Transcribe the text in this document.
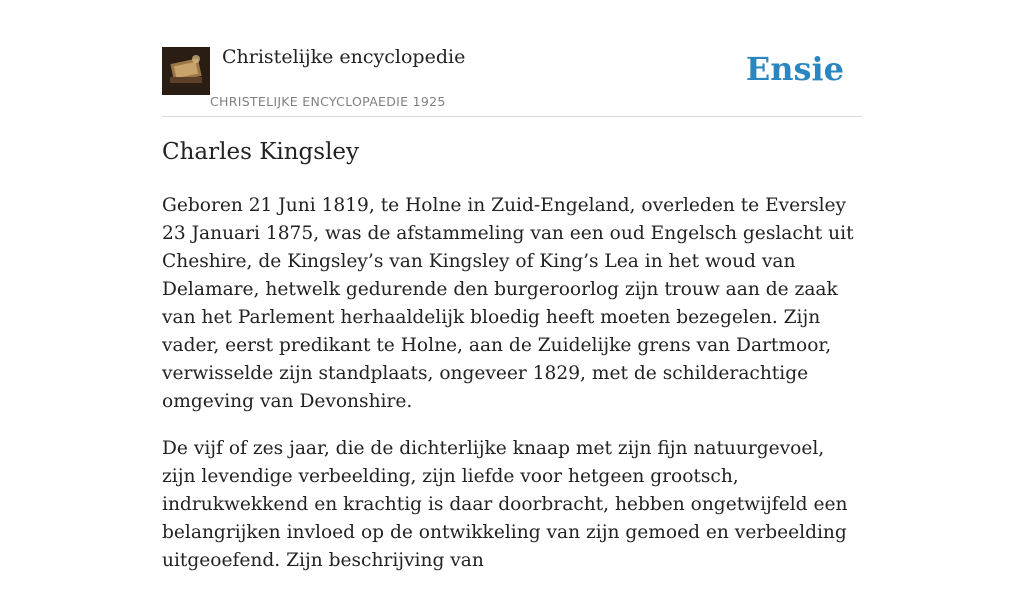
Christelijke encyclopedie
CHRISTELIJKE ENCYCLOPAEDIE 1925
Ensie
Charles Kingsley

Geboren 21 Juni 1819, te Holne in Zuid-Engeland, overleden te Eversley 23 Januari 1875, was de afstammeling van een oud Engelsch geslacht uit Cheshire, de Kingsley’s van Kingsley of King’s Lea in het woud van Delamare, hetwelk gedurende den burgeroorlog zijn trouw aan de zaak van het Parlement herhaaldelijk bloedig heeft moeten bezegelen. Zijn vader, eerst predikant te Holne, aan de Zuidelijke grens van Dartmoor, verwisselde zijn standplaats, ongeveer 1829, met de schilderachtige omgeving van Devonshire.

De vijf of zes jaar, die de dichterlijke knaap met zijn fijn natuurgevoel, zijn levendige verbeelding, zijn liefde voor hetgeen grootsch, indrukwekkend en krachtig is daar doorbracht, hebben ongetwijfeld een belangrijken invloed op de ontwikkeling van zijn gemoed en verbeelding uitgeoefend. Zijn beschrijving van
